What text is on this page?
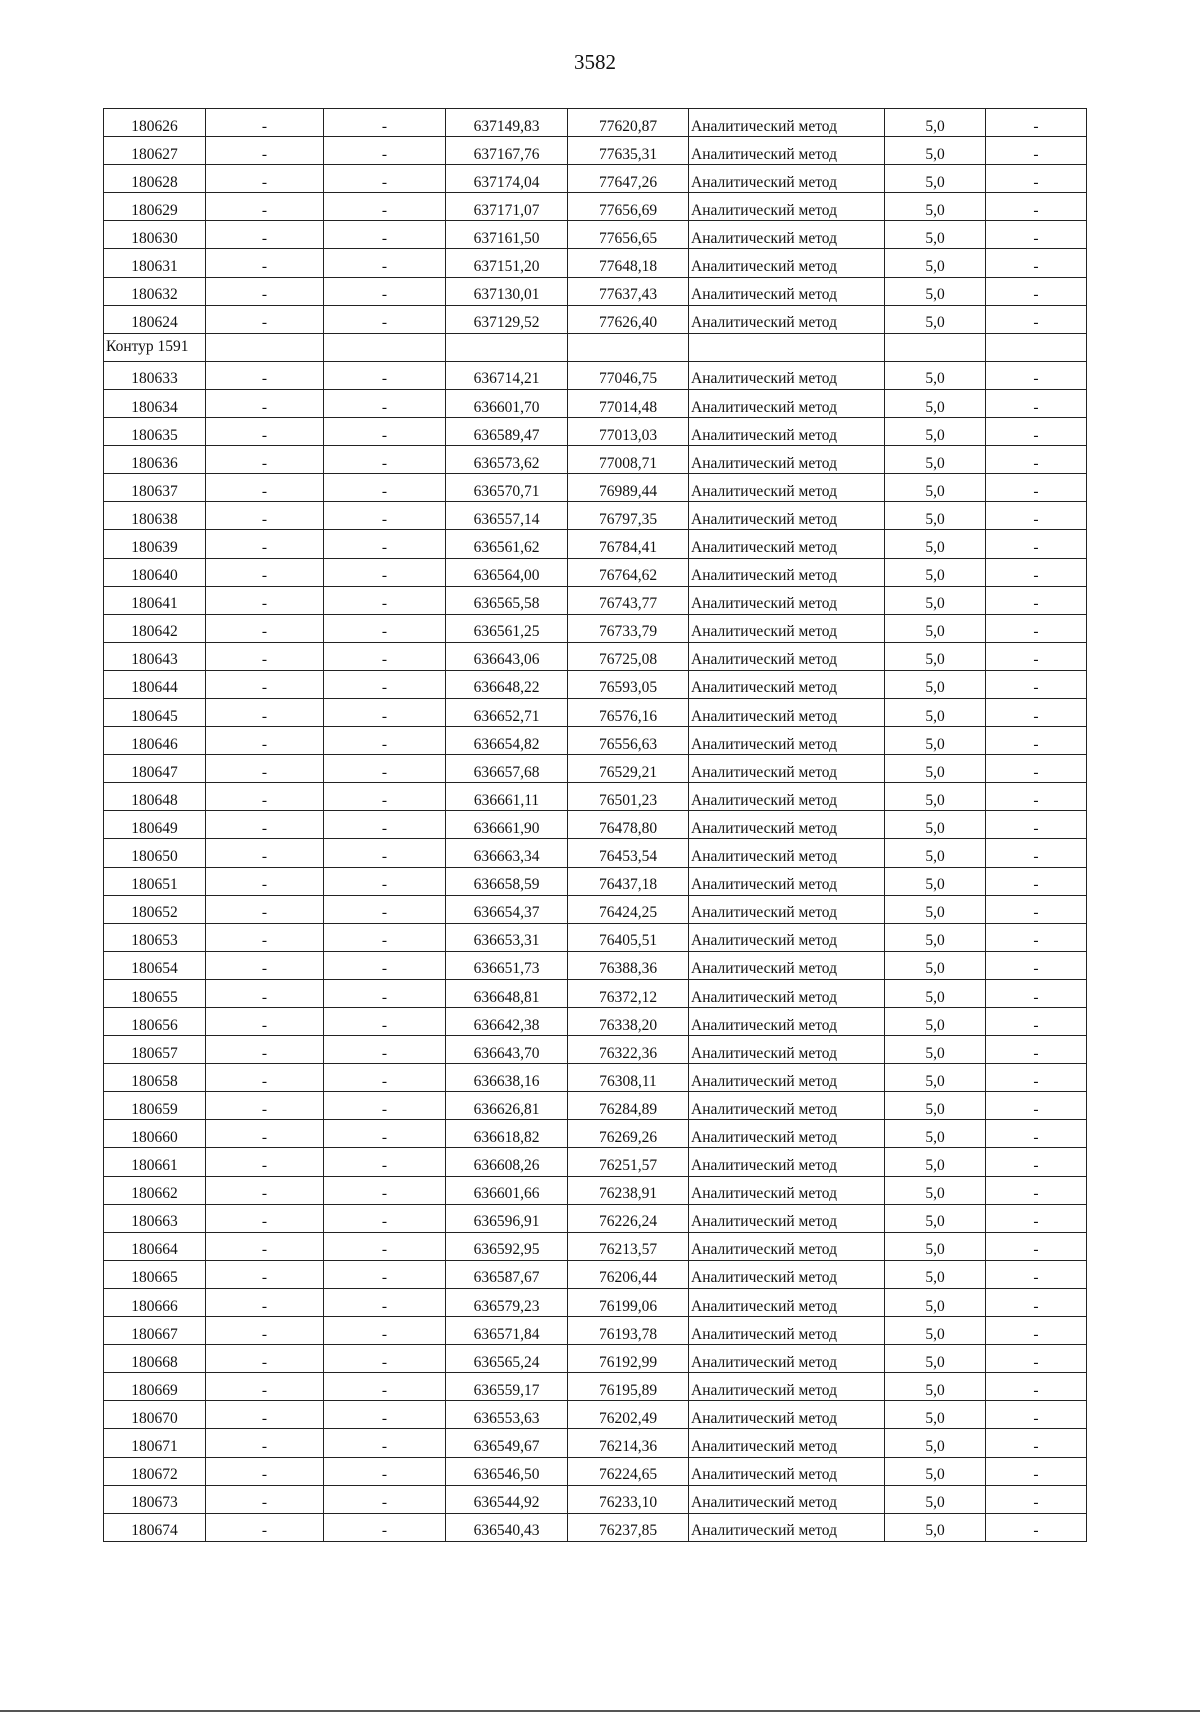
3582
180626	-	-	637149,83	77620,87	Аналитический метод	5,0	-
180627	-	-	637167,76	77635,31	Аналитический метод	5,0	-
180628	-	-	637174,04	77647,26	Аналитический метод	5,0	-
180629	-	-	637171,07	77656,69	Аналитический метод	5,0	-
180630	-	-	637161,50	77656,65	Аналитический метод	5,0	-
180631	-	-	637151,20	77648,18	Аналитический метод	5,0	-
180632	-	-	637130,01	77637,43	Аналитический метод	5,0	-
180624	-	-	637129,52	77626,40	Аналитический метод	5,0	-
Контур 1591							
180633	-	-	636714,21	77046,75	Аналитический метод	5,0	-
180634	-	-	636601,70	77014,48	Аналитический метод	5,0	-
180635	-	-	636589,47	77013,03	Аналитический метод	5,0	-
180636	-	-	636573,62	77008,71	Аналитический метод	5,0	-
180637	-	-	636570,71	76989,44	Аналитический метод	5,0	-
180638	-	-	636557,14	76797,35	Аналитический метод	5,0	-
180639	-	-	636561,62	76784,41	Аналитический метод	5,0	-
180640	-	-	636564,00	76764,62	Аналитический метод	5,0	-
180641	-	-	636565,58	76743,77	Аналитический метод	5,0	-
180642	-	-	636561,25	76733,79	Аналитический метод	5,0	-
180643	-	-	636643,06	76725,08	Аналитический метод	5,0	-
180644	-	-	636648,22	76593,05	Аналитический метод	5,0	-
180645	-	-	636652,71	76576,16	Аналитический метод	5,0	-
180646	-	-	636654,82	76556,63	Аналитический метод	5,0	-
180647	-	-	636657,68	76529,21	Аналитический метод	5,0	-
180648	-	-	636661,11	76501,23	Аналитический метод	5,0	-
180649	-	-	636661,90	76478,80	Аналитический метод	5,0	-
180650	-	-	636663,34	76453,54	Аналитический метод	5,0	-
180651	-	-	636658,59	76437,18	Аналитический метод	5,0	-
180652	-	-	636654,37	76424,25	Аналитический метод	5,0	-
180653	-	-	636653,31	76405,51	Аналитический метод	5,0	-
180654	-	-	636651,73	76388,36	Аналитический метод	5,0	-
180655	-	-	636648,81	76372,12	Аналитический метод	5,0	-
180656	-	-	636642,38	76338,20	Аналитический метод	5,0	-
180657	-	-	636643,70	76322,36	Аналитический метод	5,0	-
180658	-	-	636638,16	76308,11	Аналитический метод	5,0	-
180659	-	-	636626,81	76284,89	Аналитический метод	5,0	-
180660	-	-	636618,82	76269,26	Аналитический метод	5,0	-
180661	-	-	636608,26	76251,57	Аналитический метод	5,0	-
180662	-	-	636601,66	76238,91	Аналитический метод	5,0	-
180663	-	-	636596,91	76226,24	Аналитический метод	5,0	-
180664	-	-	636592,95	76213,57	Аналитический метод	5,0	-
180665	-	-	636587,67	76206,44	Аналитический метод	5,0	-
180666	-	-	636579,23	76199,06	Аналитический метод	5,0	-
180667	-	-	636571,84	76193,78	Аналитический метод	5,0	-
180668	-	-	636565,24	76192,99	Аналитический метод	5,0	-
180669	-	-	636559,17	76195,89	Аналитический метод	5,0	-
180670	-	-	636553,63	76202,49	Аналитический метод	5,0	-
180671	-	-	636549,67	76214,36	Аналитический метод	5,0	-
180672	-	-	636546,50	76224,65	Аналитический метод	5,0	-
180673	-	-	636544,92	76233,10	Аналитический метод	5,0	-
180674	-	-	636540,43	76237,85	Аналитический метод	5,0	-
